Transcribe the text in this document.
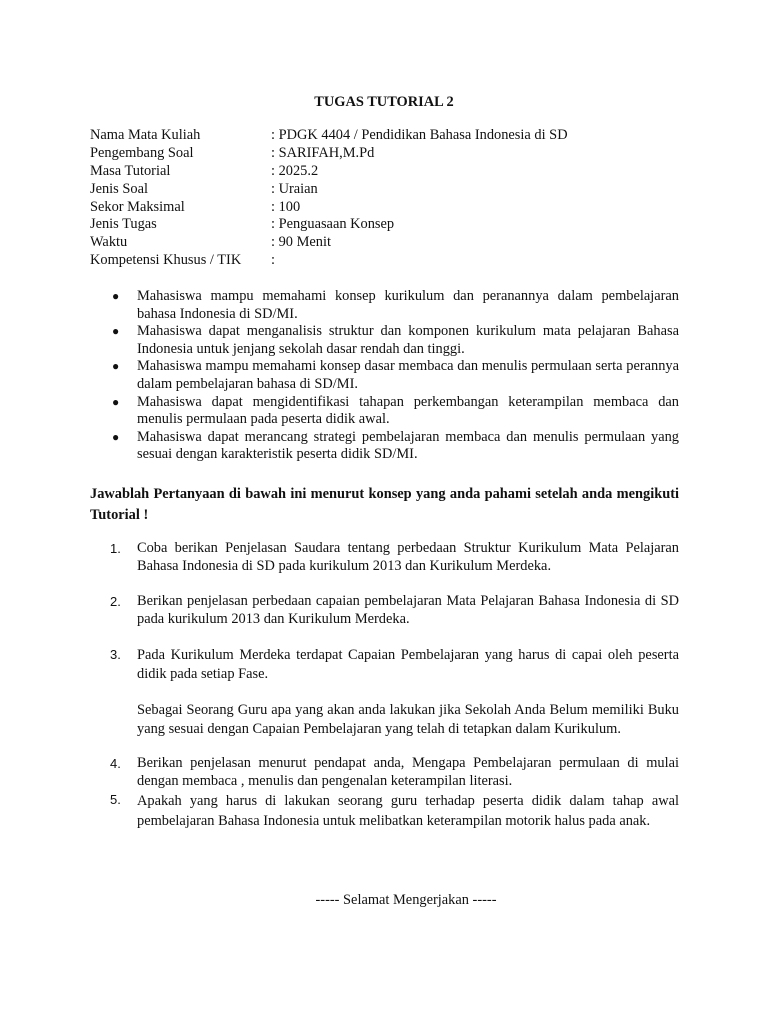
TUGAS TUTORIAL 2
Nama Mata Kuliah	: PDGK 4404 / Pendidikan Bahasa Indonesia di SD
Pengembang Soal	: SARIFAH,M.Pd
Masa Tutorial	: 2025.2
Jenis Soal	: Uraian
Sekor Maksimal	: 100
Jenis Tugas	: Penguasaan Konsep
Waktu	: 90 Menit
Kompetensi Khusus / TIK	:
●	Mahasiswa mampu memahami konsep kurikulum dan peranannya dalam pembelajaran bahasa Indonesia di SD/MI.
●	Mahasiswa dapat menganalisis struktur dan komponen kurikulum mata pelajaran Bahasa Indonesia untuk jenjang sekolah dasar rendah dan tinggi.
●	Mahasiswa mampu memahami konsep dasar membaca dan menulis permulaan serta perannya dalam pembelajaran bahasa di SD/MI.
●	Mahasiswa dapat mengidentifikasi tahapan perkembangan keterampilan membaca dan menulis permulaan pada peserta didik awal.
●	Mahasiswa dapat merancang strategi pembelajaran membaca dan menulis permulaan yang sesuai dengan karakteristik peserta didik SD/MI.
Jawablah Pertanyaan di bawah ini menurut konsep yang anda pahami setelah anda mengikuti Tutorial !
1.	Coba berikan Penjelasan Saudara tentang perbedaan Struktur Kurikulum Mata Pelajaran Bahasa Indonesia di SD pada kurikulum 2013 dan Kurikulum Merdeka.

2.	Berikan penjelasan perbedaan capaian pembelajaran Mata Pelajaran Bahasa Indonesia di SD pada kurikulum 2013 dan Kurikulum Merdeka.

3.	Pada Kurikulum Merdeka terdapat Capaian Pembelajaran yang harus di capai oleh peserta didik pada setiap Fase.

Sebagai Seorang Guru apa yang akan anda lakukan jika Sekolah Anda Belum memiliki Buku yang sesuai dengan Capaian Pembelajaran yang telah di tetapkan dalam Kurikulum.

4.	Berikan penjelasan menurut pendapat anda, Mengapa Pembelajaran permulaan di mulai dengan membaca , menulis dan pengenalan keterampilan literasi.

5.	Apakah yang harus di lakukan seorang guru terhadap peserta didik dalam tahap awal pembelajaran Bahasa Indonesia untuk melibatkan keterampilan motorik halus pada anak.

----- Selamat Mengerjakan -----
